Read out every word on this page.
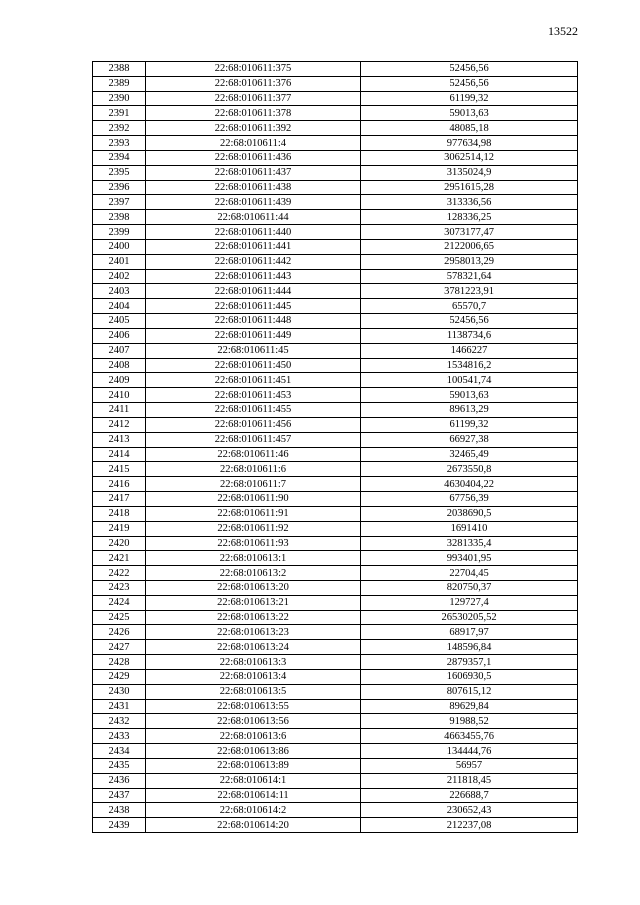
13522
2388	22:68:010611:375	52456,56
2389	22:68:010611:376	52456,56
2390	22:68:010611:377	61199,32
2391	22:68:010611:378	59013,63
2392	22:68:010611:392	48085,18
2393	22:68:010611:4	977634,98
2394	22:68:010611:436	3062514,12
2395	22:68:010611:437	3135024,9
2396	22:68:010611:438	2951615,28
2397	22:68:010611:439	313336,56
2398	22:68:010611:44	128336,25
2399	22:68:010611:440	3073177,47
2400	22:68:010611:441	2122006,65
2401	22:68:010611:442	2958013,29
2402	22:68:010611:443	578321,64
2403	22:68:010611:444	3781223,91
2404	22:68:010611:445	65570,7
2405	22:68:010611:448	52456,56
2406	22:68:010611:449	1138734,6
2407	22:68:010611:45	1466227
2408	22:68:010611:450	1534816,2
2409	22:68:010611:451	100541,74
2410	22:68:010611:453	59013,63
2411	22:68:010611:455	89613,29
2412	22:68:010611:456	61199,32
2413	22:68:010611:457	66927,38
2414	22:68:010611:46	32465,49
2415	22:68:010611:6	2673550,8
2416	22:68:010611:7	4630404,22
2417	22:68:010611:90	67756,39
2418	22:68:010611:91	2038690,5
2419	22:68:010611:92	1691410
2420	22:68:010611:93	3281335,4
2421	22:68:010613:1	993401,95
2422	22:68:010613:2	22704,45
2423	22:68:010613:20	820750,37
2424	22:68:010613:21	129727,4
2425	22:68:010613:22	26530205,52
2426	22:68:010613:23	68917,97
2427	22:68:010613:24	148596,84
2428	22:68:010613:3	2879357,1
2429	22:68:010613:4	1606930,5
2430	22:68:010613:5	807615,12
2431	22:68:010613:55	89629,84
2432	22:68:010613:56	91988,52
2433	22:68:010613:6	4663455,76
2434	22:68:010613:86	134444,76
2435	22:68:010613:89	56957
2436	22:68:010614:1	211818,45
2437	22:68:010614:11	226688,7
2438	22:68:010614:2	230652,43
2439	22:68:010614:20	212237,08
